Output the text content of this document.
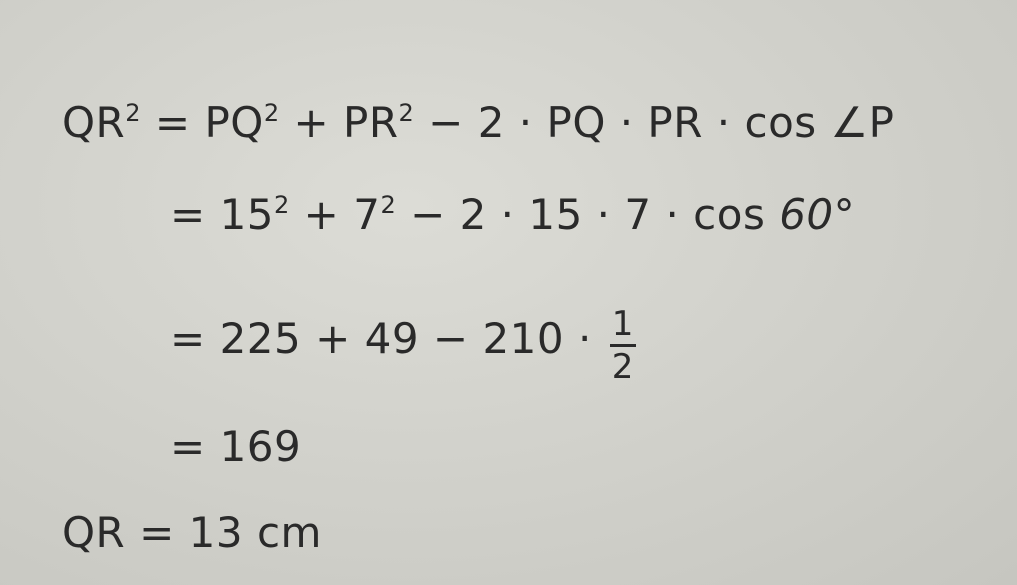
$QR^2 = PQ^2 + PR^2 - 2$ · PQ · PR · cos ∠P
= $15^2 + 7^2 - 2 \cdot 15 \cdot 7 \cdot \cos 60^\circ$
= $225 + 49 - 210 \cdot \frac{1}{2}$
= 169
QR = 13 cm
